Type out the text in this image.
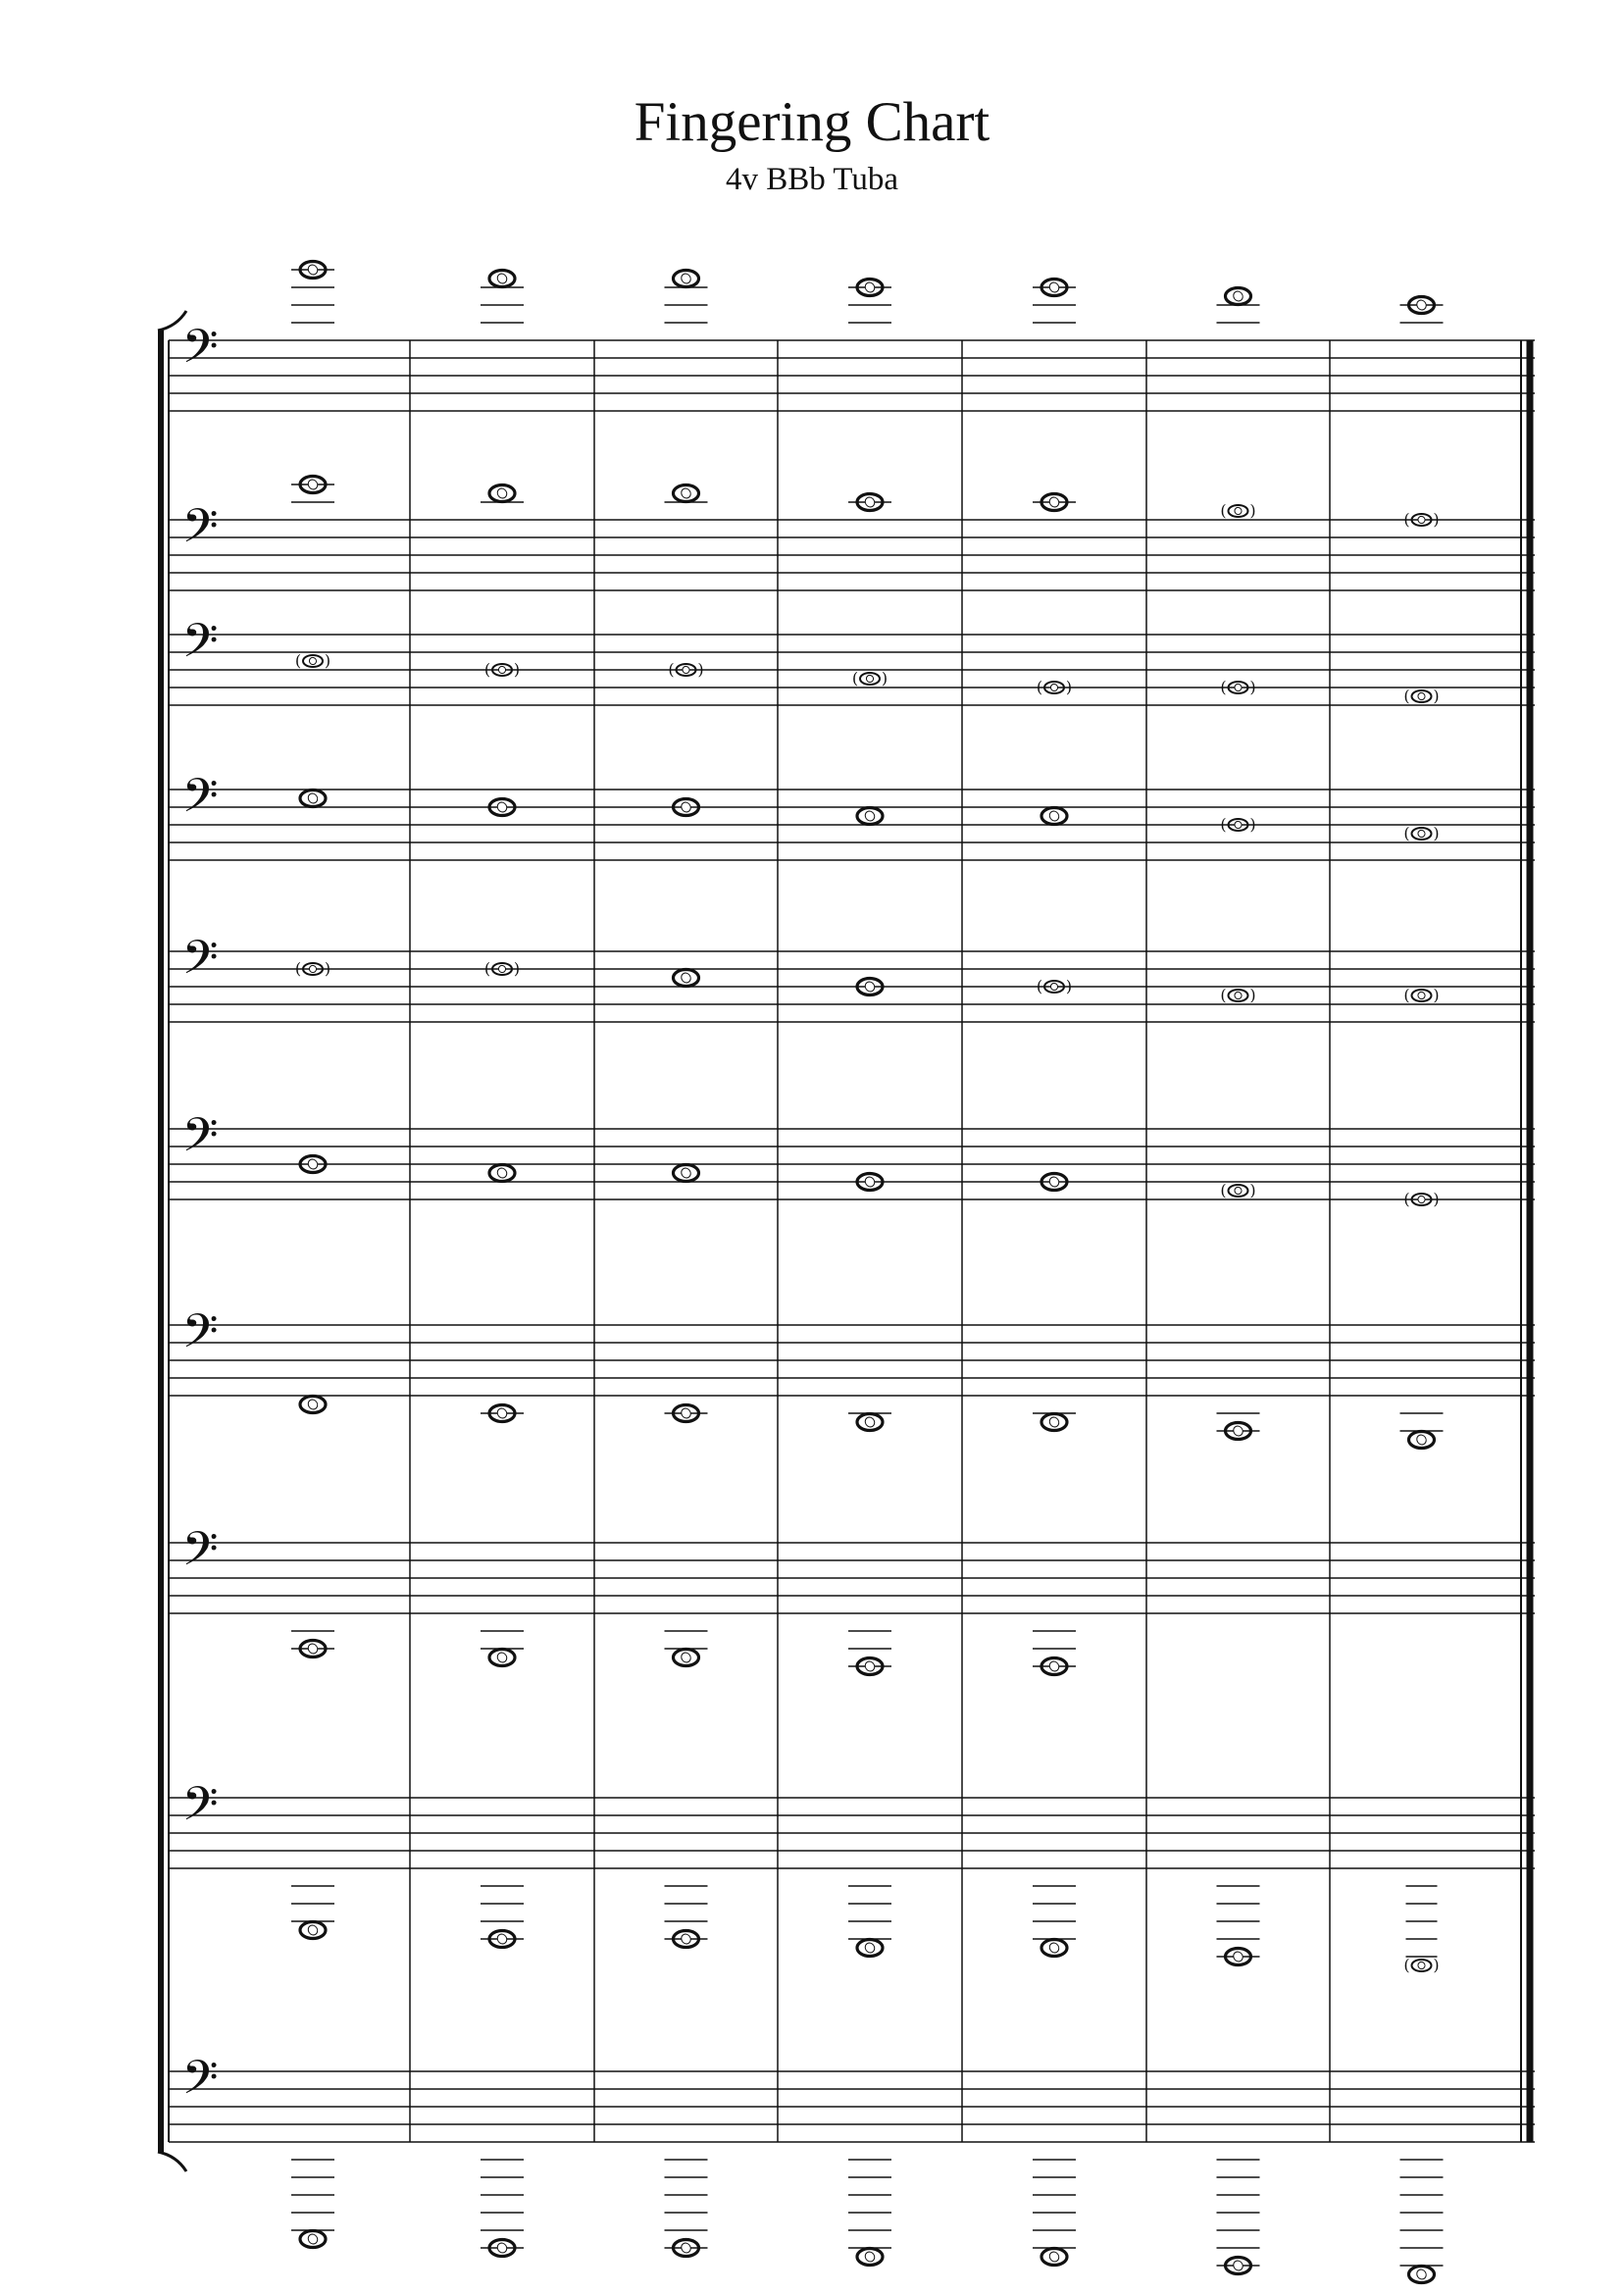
Fingering Chart
4v BBb Tuba
𝄢
𝄢	( )	( )
𝄢	( )	( )	( )	( )	( )	( )	( )
𝄢	( )	( )
𝄢	( )	( )
( )	( )	( )
𝄢
( )	( )
𝄢
𝄢
𝄢
( )
𝄢
